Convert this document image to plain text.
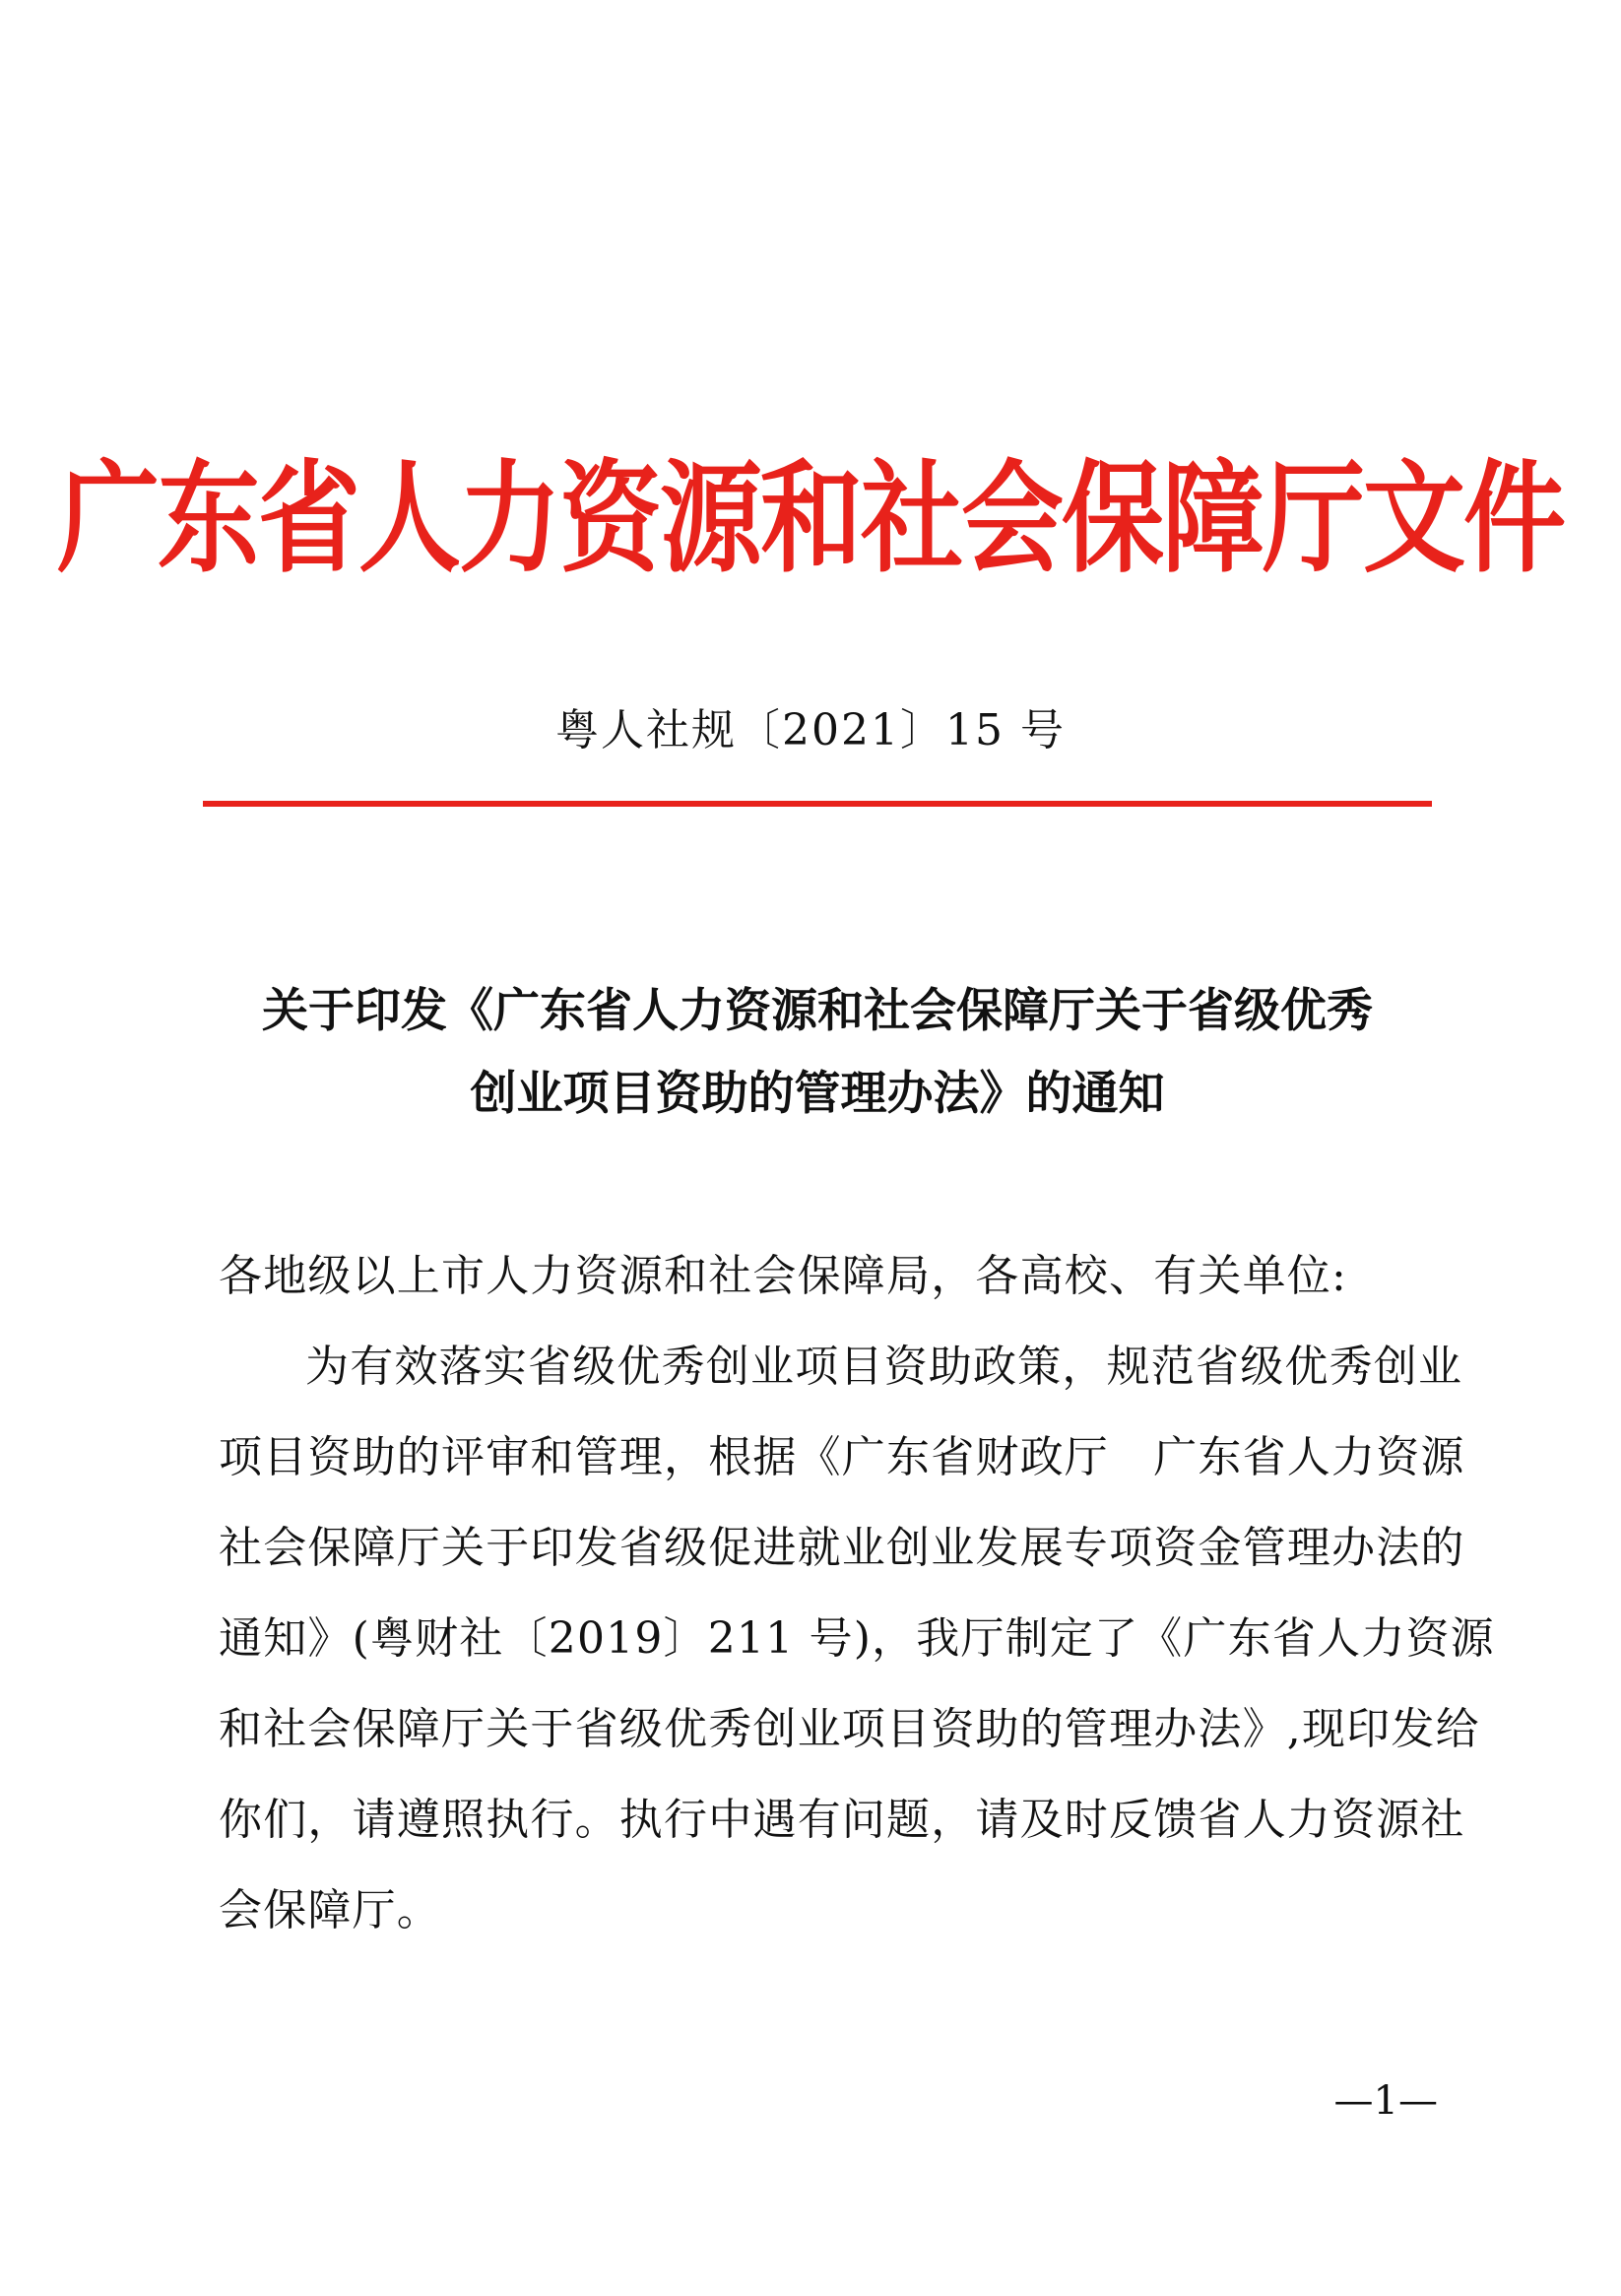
广东省人力资源和社会保障厅文件
粤人社规〔2021〕15 号
关于印发《广东省人力资源和社会保障厅关于省级优秀
创业项目资助的管理办法》的通知
各地级以上市人力资源和社会保障局，各高校、有关单位:
为有效落实省级优秀创业项目资助政策，规范省级优秀创业
项目资助的评审和管理，根据《广东省财政厅　广东省人力资源
社会保障厅关于印发省级促进就业创业发展专项资金管理办法的
通知》(粤财社〔2019〕211 号)，我厅制定了《广东省人力资源
和社会保障厅关于省级优秀创业项目资助的管理办法》,现印发给
你们，请遵照执行。执行中遇有问题，请及时反馈省人力资源社
会保障厅。
—1—
